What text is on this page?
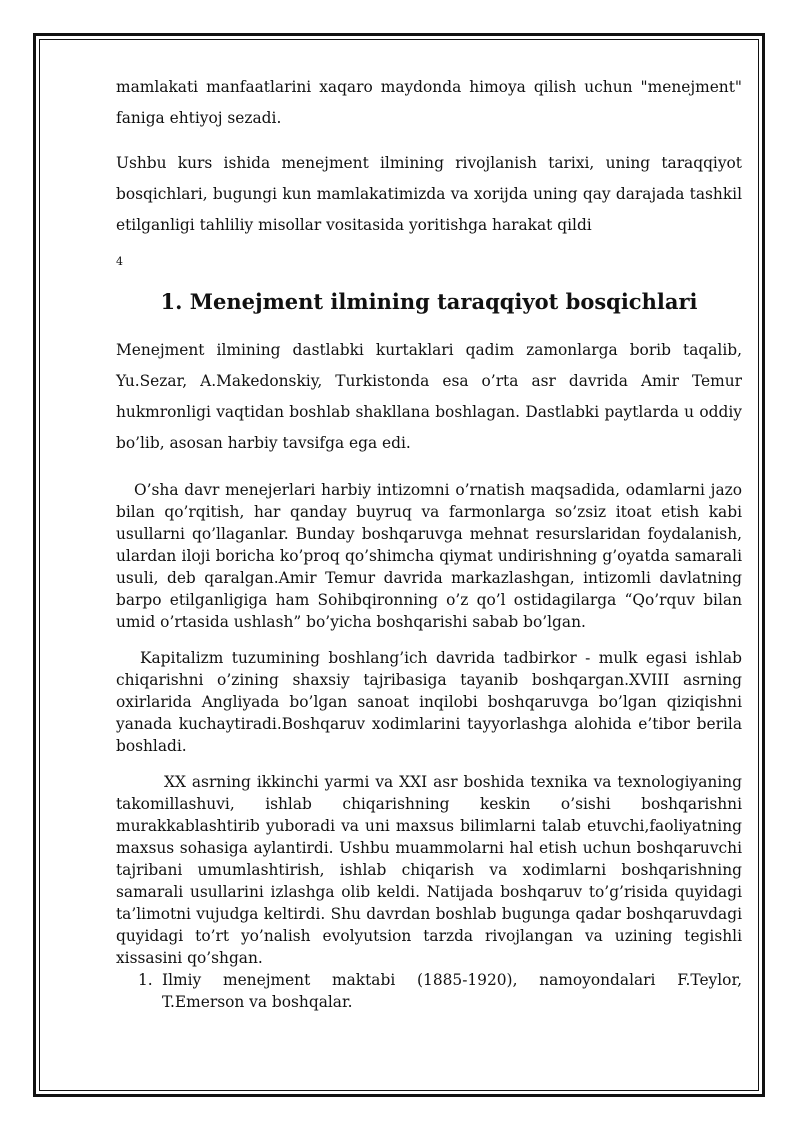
mamlakati manfaatlarini xaqaro maydonda himoya qilish uchun "menejment" faniga ehtiyoj sezadi.

Ushbu kurs ishida menejment ilmining rivojlanish tarixi, uning taraqqiyot bosqichlari, bugungi kun mamlakatimizda va xorijda uning qay darajada tashkil etilganligi tahliliy misollar vositasida yoritishga harakat qildi

4
1. Menejment ilmining taraqqiyot bosqichlari

Menejment ilmining dastlabki kurtaklari qadim zamonlarga borib taqalib, Yu.Sezar, A.Makedonskiy, Turkistonda esa o’rta asr davrida Amir Temur hukmronligi vaqtidan boshlab shakllana boshlagan. Dastlabki paytlarda u oddiy bo’lib, asosan harbiy tavsifga ega edi.

O’sha davr menejerlari harbiy intizomni o’rnatish maqsadida, odamlarni jazo bilan qo’rqitish, har qanday buyruq va farmonlarga so’zsiz itoat etish kabi usullarni qo’llaganlar. Bunday boshqaruvga mehnat resurslaridan foydalanish, ulardan iloji boricha ko’proq qo’shimcha qiymat undirishning g’oyatda samarali usuli, deb qaralgan.Amir Temur davrida markazlashgan, intizomli davlatning barpo etilganligiga ham Sohibqironning o’z qo’l ostidagilarga “Qo’rquv bilan umid o’rtasida ushlash” bo’yicha boshqarishi sabab bo’lgan.

Kapitalizm tuzumining boshlang’ich davrida tadbirkor - mulk egasi ishlab chiqarishni o’zining shaxsiy tajribasiga tayanib boshqargan.XVIII asrning oxirlarida Angliyada bo’lgan sanoat inqilobi boshqaruvga bo’lgan qiziqishni yanada kuchaytiradi.Boshqaruv xodimlarini tayyorlashga alohida e’tibor berila boshladi.

XX asrning ikkinchi yarmi va XXI asr boshida texnika va texnologiyaning takomillashuvi, ishlab chiqarishning keskin o’sishi boshqarishni murakkablashtirib yuboradi va uni maxsus bilimlarni talab etuvchi,faoliyatning maxsus sohasiga aylantirdi. Ushbu muammolarni hal etish uchun boshqaruvchi tajribani umumlashtirish, ishlab chiqarish va xodimlarni boshqarishning samarali usullarini izlashga olib keldi. Natijada boshqaruv to’g’risida quyidagi ta’limotni vujudga keltirdi. Shu davrdan boshlab bugunga qadar boshqaruvdagi quyidagi to’rt yo’nalish evolyutsion tarzda rivojlangan va uzining tegishli xissasini qo’shgan.

1. Ilmiy menejment maktabi (1885-1920), namoyondalari F.Teylor, T.Emerson va boshqalar.
